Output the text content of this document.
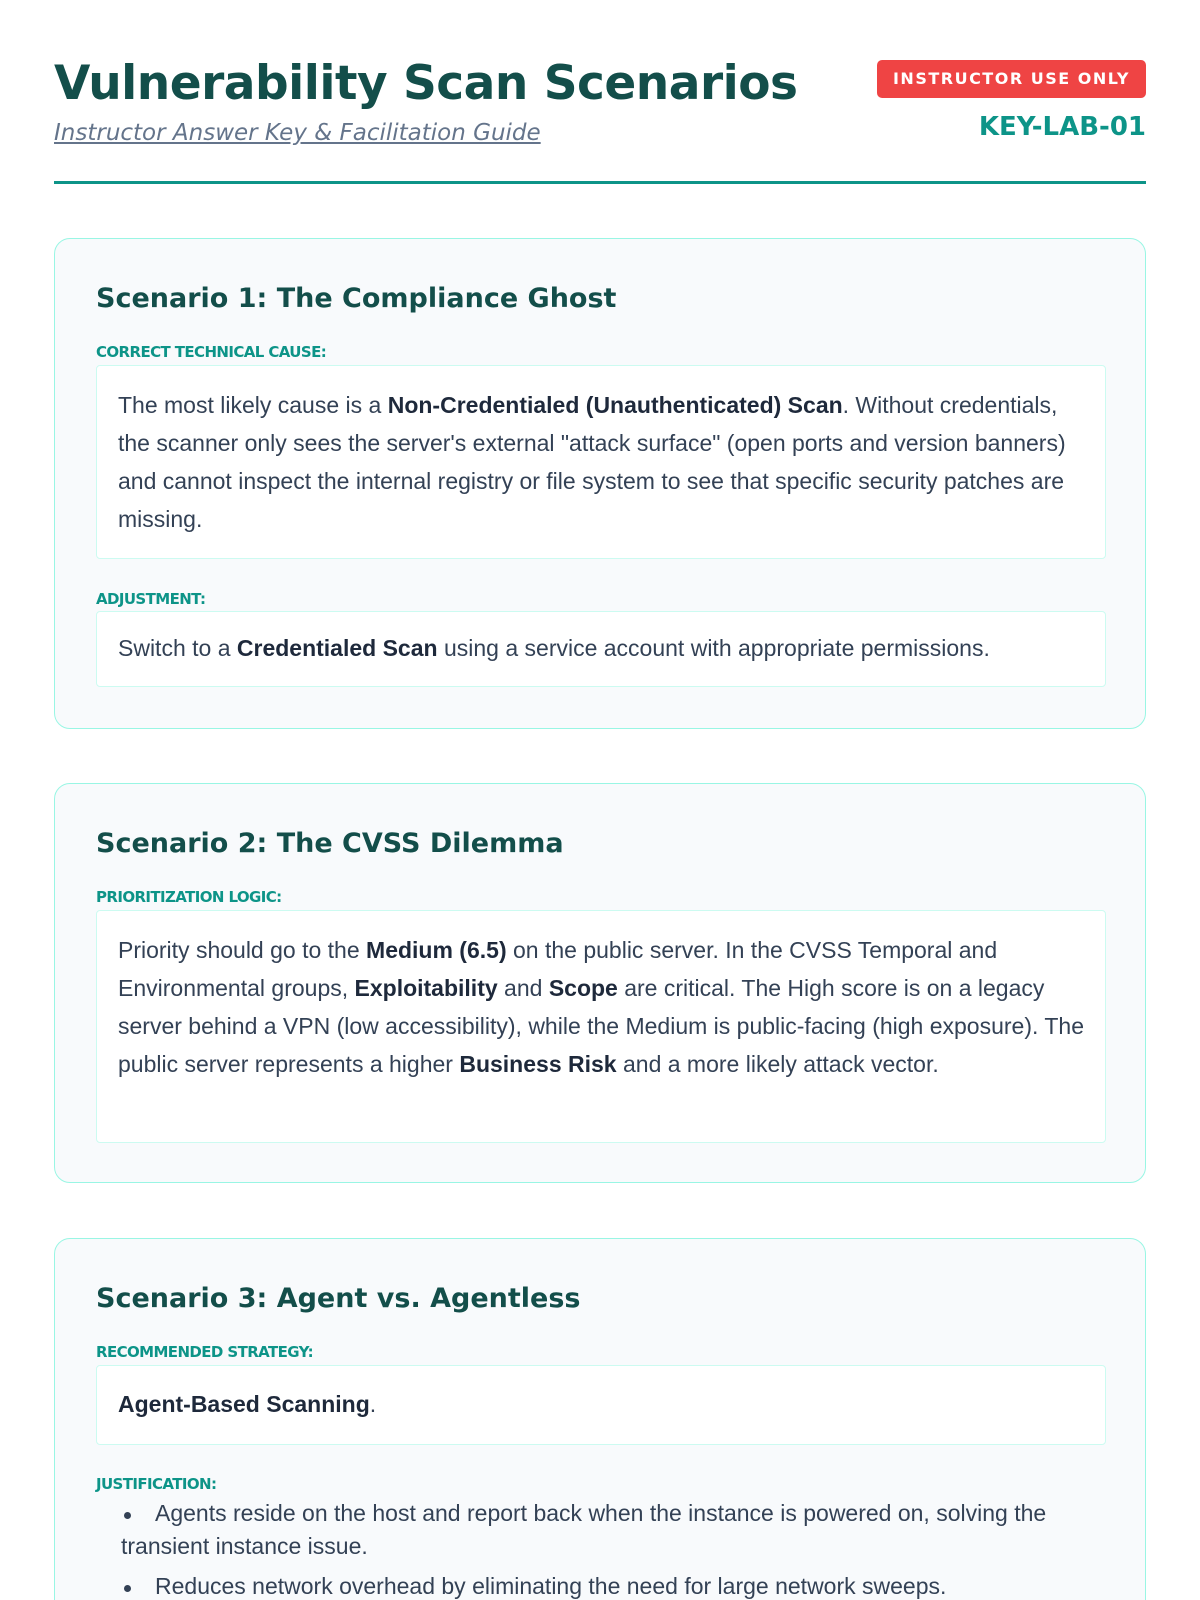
Vulnerability Scan Scenarios
Instructor Answer Key & Facilitation Guide
INSTRUCTOR USE ONLY
KEY-LAB-01
Scenario 1: The Compliance Ghost
CORRECT TECHNICAL CAUSE:
The most likely cause is a Non-Credentialed (Unauthenticated) Scan. Without credentials, the scanner only sees the server's external "attack surface" (open ports and version banners) and cannot inspect the internal registry or file system to see that specific security patches are missing.
ADJUSTMENT:
Switch to a Credentialed Scan using a service account with appropriate permissions.
Scenario 2: The CVSS Dilemma
PRIORITIZATION LOGIC:
Priority should go to the Medium (6.5) on the public server. In the CVSS Temporal and Environmental groups, Exploitability and Scope are critical. The High score is on a legacy server behind a VPN (low accessibility), while the Medium is public-facing (high exposure). The public server represents a higher Business Risk and a more likely attack vector.
Scenario 3: Agent vs. Agentless
RECOMMENDED STRATEGY:
Agent-Based Scanning.
JUSTIFICATION:
Agents reside on the host and report back when the instance is powered on, solving the transient instance issue.
Reduces network overhead by eliminating the need for large network sweeps.
